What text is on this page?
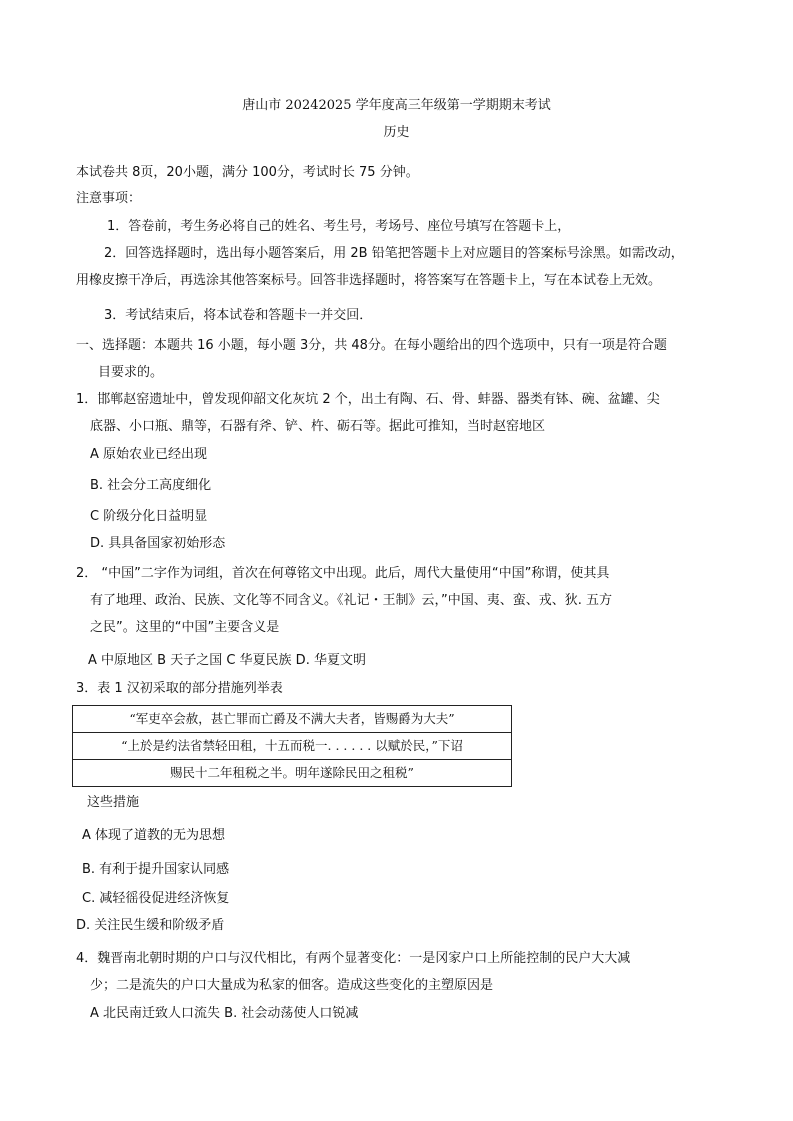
唐山市 20242025 学年度高三年级第一学期期末考试
历史
本试卷共 8页，20小题，满分 100分，考试时长 75 分钟。
注意事项：
1．答卷前，考生务必将自己的姓名、考生号，考场号、座位号填写在答题卡上，
2．回答选择题时，选出每小题答案后，用 2B 铅笔把答题卡上对应题目的答案标号涂黑。如需改动，
用橡皮擦干净后，再选涂其他答案标号。回答非选择题时，将答案写在答题卡上，写在本试卷上无效。
3．考试结束后，将本试卷和答题卡一并交回．
一、选择题：本题共 16 小题，每小题 3分，共 48分。在每小题给出的四个选项中，只有一项是符合题
目要求的。
1．邯郸赵窑遗址中，曾发现仰韶文化灰坑 2 个，出土有陶、石、骨、蚌器、器类有钵、碗、盆罐、尖
底器、小口瓶、鼎等，石器有斧、铲、杵、砺石等。据此可推知，当时赵窑地区
A 原始农业已经出现
B. 社会分工高度细化
C 阶级分化日益明显
D. 具具备国家初始形态
2． “中国”二字作为词组，首次在何尊铭文中出现。此后，周代大量使用“中国”称谓，使其具
有了地理、政治、民族、文化等不同含义。《礼记・王制》云，”中国、夷、蛮、戎、狄. 五方
之民”。这里的“中国”主要含义是
A 中原地区 B 天子之国 C 华夏民族 D. 华夏文明
3．表 1 汉初采取的部分措施列举表
“军吏卒会赦，甚亡罪而亡爵及不满大夫者，皆赐爵为大夫”
“上於是约法省禁轻田租，十五而税一. . . . . . 以赋於民，”下诏
赐民十二年租税之半。明年遂除民田之租税”
这些措施
A 体现了道教的无为思想
B. 有利于提升国家认同感
C. 减轻徭役促进经济恢复
D. 关注民生缓和阶级矛盾
4．魏晋南北朝时期的户口与汉代相比，有两个显著变化：一是冈家户口上所能控制的民户大大减
少；二是流失的户口大量成为私家的佃客。造成这些变化的主塑原因是
A 北民南迁致人口流失 B. 社会动荡使人口锐减
